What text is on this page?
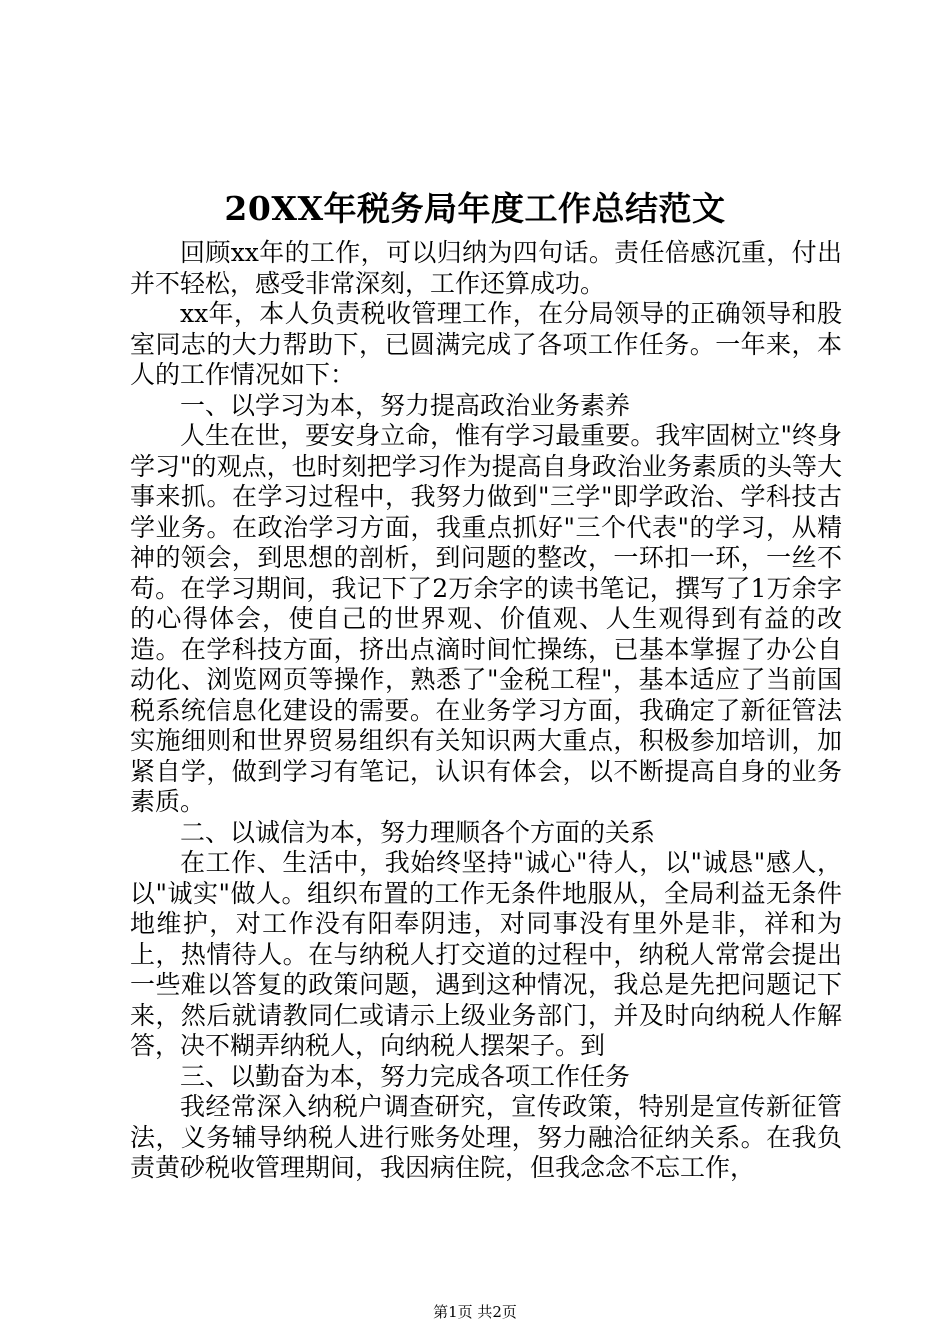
20XX年税务局年度工作总结范文

回顾xx年的工作，可以归纳为四句话。责任倍感沉重，付出并不轻松，感受非常深刻，工作还算成功。

xx年，本人负责税收管理工作，在分局领导的正确领导和股室同志的大力帮助下，已圆满完成了各项工作任务。一年来，本人的工作情况如下：

一、以学习为本，努力提高政治业务素养

人生在世，要安身立命，惟有学习最重要。我牢固树立"终身学习"的观点，也时刻把学习作为提高自身政治业务素质的头等大事来抓。在学习过程中，我努力做到"三学"即学政治、学科技古学业务。在政治学习方面，我重点抓好"三个代表"的学习，从精神的领会，到思想的剖析，到问题的整改，一环扣一环，一丝不苟。在学习期间，我记下了2万余字的读书笔记，撰写了1万余字的心得体会，使自己的世界观、价值观、人生观得到有益的改造。在学科技方面，挤出点滴时间忙操练，已基本掌握了办公自动化、浏览网页等操作，熟悉了"金税工程"，基本适应了当前国税系统信息化建设的需要。在业务学习方面，我确定了新征管法实施细则和世界贸易组织有关知识两大重点，积极参加培训，加紧自学，做到学习有笔记，认识有体会，以不断提高自身的业务素质。

二、以诚信为本，努力理顺各个方面的关系

在工作、生活中，我始终坚持"诚心"待人，以"诚恳"感人，以"诚实"做人。组织布置的工作无条件地服从，全局利益无条件地维护，对工作没有阳奉阴违，对同事没有里外是非，祥和为上，热情待人。在与纳税人打交道的过程中，纳税人常常会提出一些难以答复的政策问题，遇到这种情况，我总是先把问题记下来，然后就请教同仁或请示上级业务部门，并及时向纳税人作解答，决不糊弄纳税人，向纳税人摆架子。到

三、以勤奋为本，努力完成各项工作任务

我经常深入纳税户调查研究，宣传政策，特别是宣传新征管法，义务辅导纳税人进行账务处理，努力融洽征纳关系。在我负责黄砂税收管理期间，我因病住院，但我念念不忘工作，

第1页 共2页
